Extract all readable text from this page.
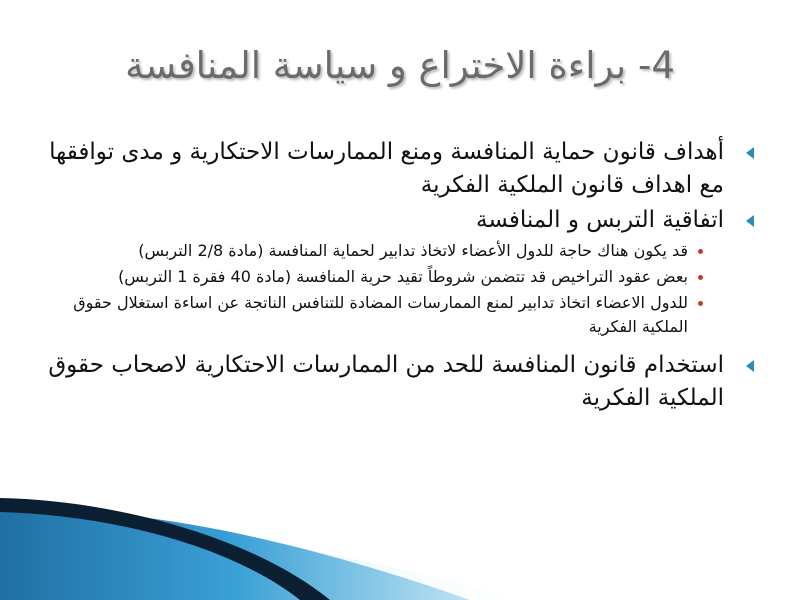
4- براءة الاختراع و سياسة المنافسة
أهداف قانون حماية المنافسة ومنع الممارسات الاحتكارية و مدى توافقها مع اهداف قانون الملكية الفكرية
اتفاقية التربس و المنافسة
قد يكون هناك حاجة للدول الأعضاء لاتخاذ تدابير لحماية المنافسة (مادة 2/8 التربس)
بعض عقود التراخيص قد تتضمن شروطاً تقيد حرية المنافسة (مادة 40 فقرة 1 التربس)
للدول الاعضاء اتخاذ تدابير لمنع الممارسات المضادة للتنافس الناتجة عن اساءة استغلال حقوق الملكية الفكرية
استخدام قانون المنافسة للحد من الممارسات الاحتكارية لاصحاب حقوق الملكية الفكرية
